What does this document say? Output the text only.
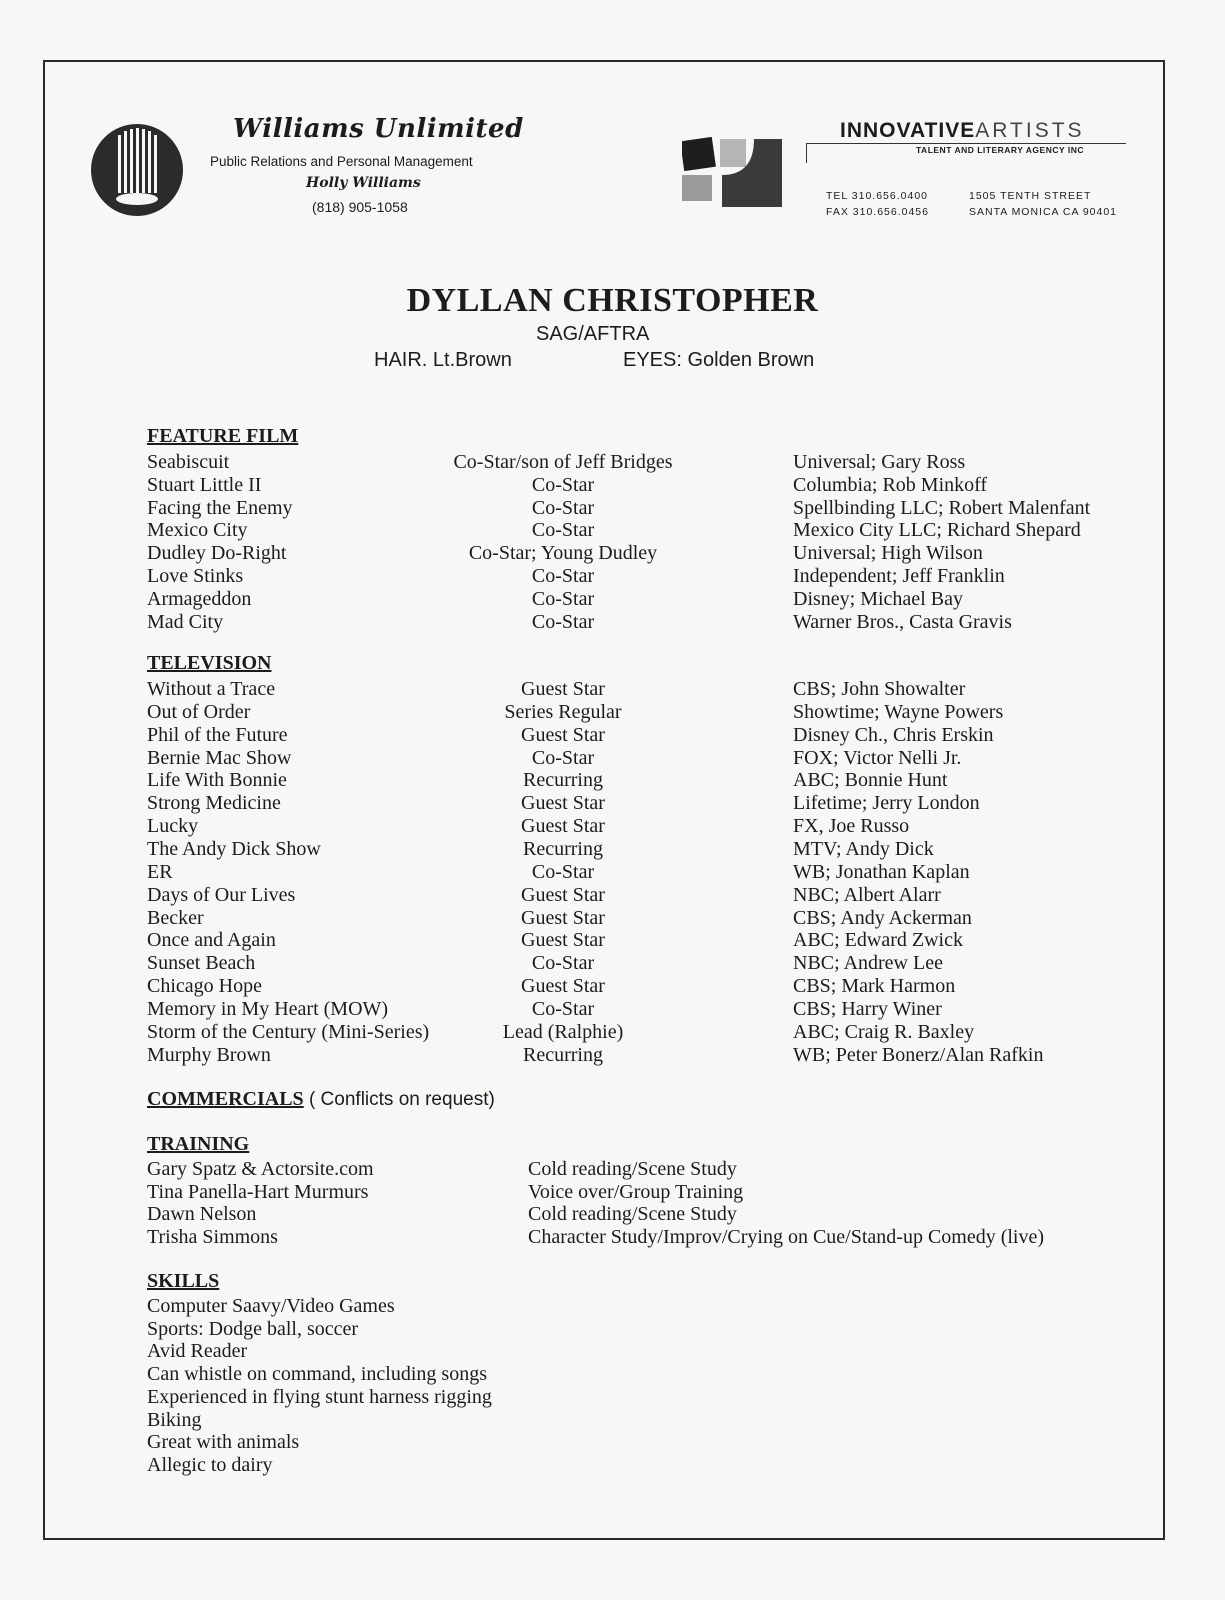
Williams Unlimited
Public Relations and Personal Management
Holly Williams
(818) 905-1058
INNOVATIVEARTISTS
TALENT AND LITERARY AGENCY INC
TEL 310.656.0400
FAX 310.656.0456
1505 TENTH STREET
SANTA MONICA CA 90401
DYLLAN CHRISTOPHER
SAG/AFTRA
HAIR. Lt.Brown	EYES: Golden Brown
FEATURE FILM
Seabiscuit	Co-Star/son of Jeff Bridges	Universal; Gary Ross
Stuart Little II	Co-Star	Columbia; Rob Minkoff
Facing the Enemy	Co-Star	Spellbinding LLC; Robert Malenfant
Mexico City	Co-Star	Mexico City LLC; Richard Shepard
Dudley Do-Right	Co-Star; Young Dudley	Universal; High Wilson
Love Stinks	Co-Star	Independent; Jeff Franklin
Armageddon	Co-Star	Disney; Michael Bay
Mad City	Co-Star	Warner Bros., Casta Gravis
TELEVISION
Without a Trace	Guest Star	CBS; John Showalter
Out of Order	Series Regular	Showtime; Wayne Powers
Phil of the Future	Guest Star	Disney Ch., Chris Erskin
Bernie Mac Show	Co-Star	FOX; Victor Nelli Jr.
Life With Bonnie	Recurring	ABC; Bonnie Hunt
Strong Medicine	Guest Star	Lifetime; Jerry London
Lucky	Guest Star	FX, Joe Russo
The Andy Dick Show	Recurring	MTV; Andy Dick
ER	Co-Star	WB; Jonathan Kaplan
Days of Our Lives	Guest Star	NBC; Albert Alarr
Becker	Guest Star	CBS; Andy Ackerman
Once and Again	Guest Star	ABC; Edward Zwick
Sunset Beach	Co-Star	NBC; Andrew Lee
Chicago Hope	Guest Star	CBS; Mark Harmon
Memory in My Heart (MOW)	Co-Star	CBS; Harry Winer
Storm of the Century (Mini-Series)	Lead (Ralphie)	ABC; Craig R. Baxley
Murphy Brown	Recurring	WB; Peter Bonerz/Alan Rafkin
COMMERCIALS ( Conflicts on request)
TRAINING
Gary Spatz & Actorsite.com	Cold reading/Scene Study
Tina Panella-Hart Murmurs	Voice over/Group Training
Dawn Nelson	Cold reading/Scene Study
Trisha Simmons	Character Study/Improv/Crying on Cue/Stand-up Comedy (live)
SKILLS
Computer Saavy/Video Games
Sports: Dodge ball, soccer
Avid Reader
Can whistle on command, including songs
Experienced in flying stunt harness rigging
Biking
Great with animals
Allegic to dairy
